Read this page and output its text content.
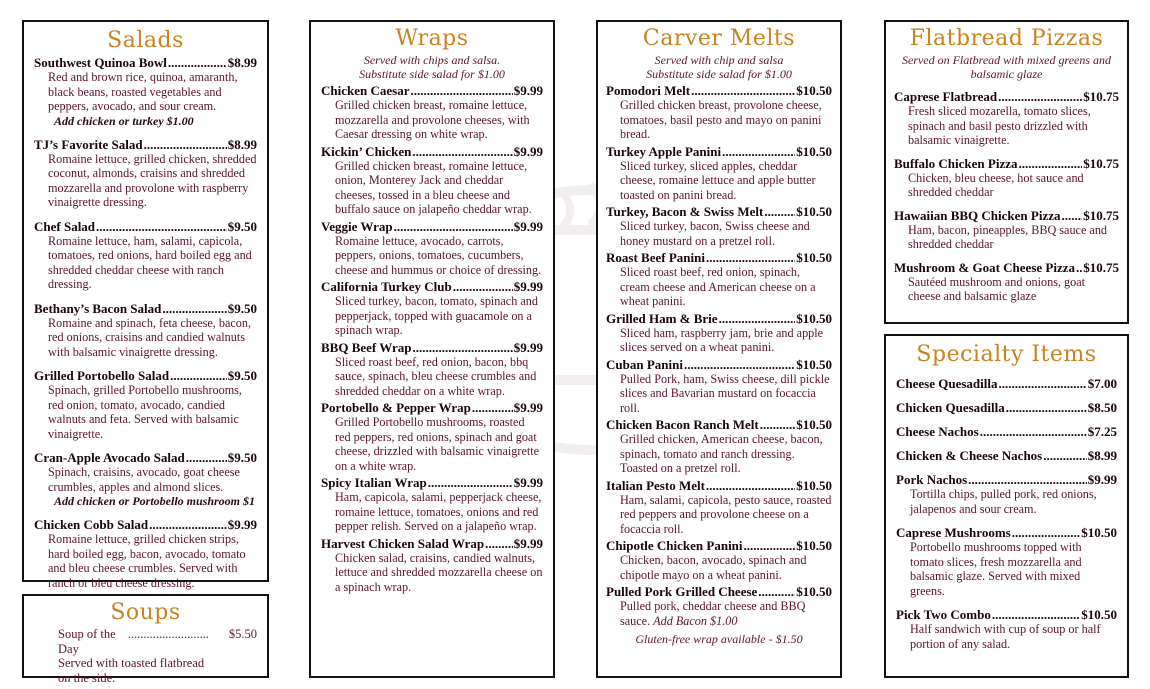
Salads
Southwest Quinoa Bowl .....	$8.99
Red and brown rice, quinoa, amaranth, black beans, roasted vegetables and peppers, avocado, and sour cream.
Add chicken or turkey $1.00
TJ’s Favorite Salad .....	$8.99
Romaine lettuce, grilled chicken, shredded coconut, almonds, craisins and shredded mozzarella and provolone with raspberry vinaigrette dressing.
Chef Salad .....	$9.50
Romaine lettuce, ham, salami, capicola, tomatoes, red onions, hard boiled egg and shredded cheddar cheese with ranch dressing.
Bethany’s Bacon Salad .....	$9.50
Romaine and spinach, feta cheese, bacon, red onions, craisins and candied walnuts with balsamic vinaigrette dressing.
Grilled Portobello Salad .....	$9.50
Spinach, grilled Portobello mushrooms, red onion, tomato, avocado, candied walnuts and feta. Served with balsamic vinaigrette.
Cran-Apple Avocado Salad .....	$9.50
Spinach, craisins, avocado, goat cheese crumbles, apples and almond slices.
Add chicken or Portobello mushroom $1
Chicken Cobb Salad .....	$9.99
Romaine lettuce, grilled chicken strips, hard boiled egg, bacon, avocado, tomato and bleu cheese crumbles. Served with ranch or bleu cheese dressing.
Soups
Soup of the Day
..........................	$5.50
Served with toasted flatbread on the side.
Wraps
Served with chips and salsa. Substitute side salad for $1.00
Chicken Caesar .....	$9.99
Grilled chicken breast, romaine lettuce, mozzarella and provolone cheeses, with Caesar dressing on white wrap.
Kickin’ Chicken .....	$9.99
Grilled chicken breast, romaine lettuce, onion, Monterey Jack and cheddar cheeses, tossed in a bleu cheese and buffalo sauce on jalapeño cheddar wrap.
Veggie Wrap .....	$9.99
Romaine lettuce, avocado, carrots, peppers, onions, tomatoes, cucumbers, cheese and hummus or choice of dressing.
California Turkey Club .....	$9.99
Sliced turkey, bacon, tomato, spinach and pepperjack, topped with guacamole on a spinach wrap.
BBQ Beef Wrap .....	$9.99
Sliced roast beef, red onion, bacon, bbq sauce, spinach, bleu cheese crumbles and shredded cheddar on a white wrap.
Portobello & Pepper Wrap .....	$9.99
Grilled Portobello mushrooms, roasted red peppers, red onions, spinach and goat cheese, drizzled with balsamic vinaigrette on a white wrap.
Spicy Italian Wrap .....	$9.99
Ham, capicola, salami, pepperjack cheese, romaine lettuce, tomatoes, onions and red pepper relish. Served on a jalapeño wrap.
Harvest Chicken Salad Wrap ..... $9.99
Chicken salad, craisins, candied walnuts, lettuce and shredded mozzarella cheese on a spinach wrap.
Carver Melts
Served with chip and salsa Substitute side salad for $1.00
Pomodori Melt .....	$10.50
Grilled chicken breast, provolone cheese, tomatoes, basil pesto and mayo on panini bread.
Turkey Apple Panini .....	$10.50
Sliced turkey, sliced apples, cheddar cheese, romaine lettuce and apple butter toasted on panini bread.
Turkey, Bacon & Swiss Melt .....	$10.50
Sliced turkey, bacon, Swiss cheese and honey mustard on a pretzel roll.
Roast Beef Panini .....	$10.50
Sliced roast beef, red onion, spinach, cream cheese and American cheese on a wheat panini.
Grilled Ham & Brie .....	$10.50
Sliced ham, raspberry jam, brie and apple slices served on a wheat panini.
Cuban Panini .....	$10.50
Pulled Pork, ham, Swiss cheese, dill pickle slices and Bavarian mustard on focaccia roll.
Chicken Bacon Ranch Melt .....	$10.50
Grilled chicken, American cheese, bacon, spinach, tomato and ranch dressing. Toasted on a pretzel roll.
Italian Pesto Melt .....	$10.50
Ham, salami, capicola, pesto sauce, roasted red peppers and provolone cheese on a focaccia roll.
Chipotle Chicken Panini .....	$10.50
Chicken, bacon, avocado, spinach and chipotle mayo on a wheat panini.
Pulled Pork Grilled Cheese .....	$10.50
Pulled pork, cheddar cheese and BBQ sauce. Add Bacon $1.00
Gluten-free wrap available - $1.50
Flatbread Pizzas
Served on Flatbread with mixed greens and balsamic glaze
Caprese Flatbread .....	$10.75
Fresh sliced mozarella, tomato slices, spinach and basil pesto drizzled with balsamic vinaigrette.
Buffalo Chicken Pizza .....	$10.75
Chicken, bleu cheese, hot sauce and shredded cheddar
Hawaiian BBQ Chicken Pizza ..... $10.75
Ham, bacon, pineapples, BBQ sauce and shredded cheddar
Mushroom & Goat Cheese Pizza ..... $10.75
Sautéed mushroom and onions, goat cheese and balsamic glaze
Specialty Items
Cheese Quesadilla .....	$7.00
Chicken Quesadilla .....	$8.50
Cheese Nachos .....	$7.25
Chicken & Cheese Nachos .....	$8.99
Pork Nachos .....	$9.99
Tortilla chips, pulled pork, red onions, jalapenos and sour cream.
Caprese Mushrooms .....	$10.50
Portobello mushrooms topped with tomato slices, fresh mozzarella and balsamic glaze. Served with mixed greens.
Pick Two Combo .....	$10.50
Half sandwich with cup of soup or half portion of any salad.
